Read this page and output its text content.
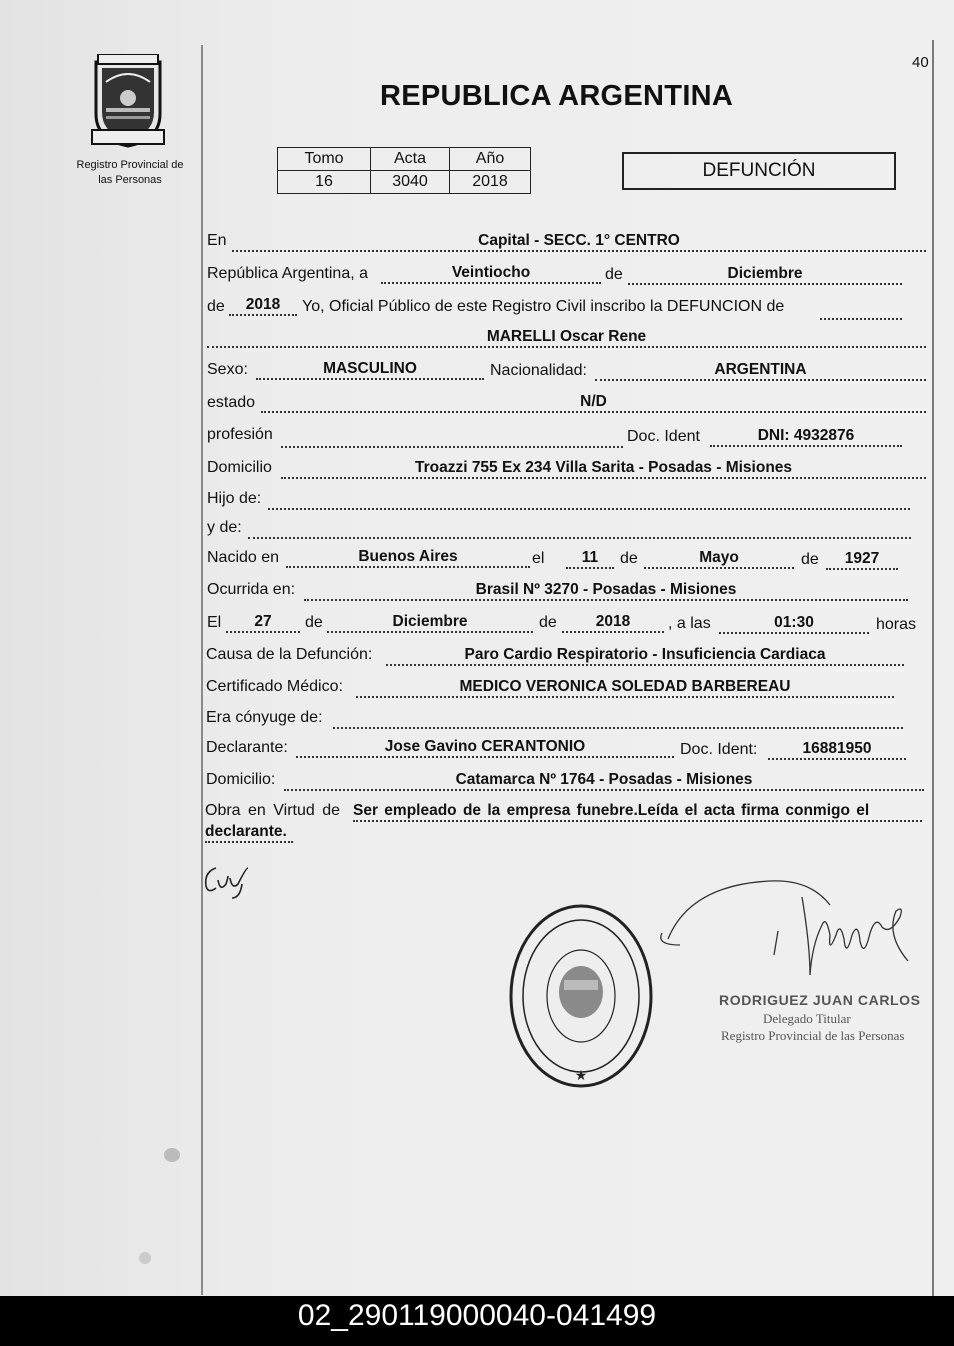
40
Registro Provincial de
las Personas
REPUBLICA ARGENTINA
Tomo	Acta	Año
16	3040	2018
DEFUNCIÓN
En	Capital - SECC. 1° CENTRO
República Argentina, a	Veintiocho	de	Diciembre
de	2018	Yo, Oficial Público de este Registro Civil inscribo la DEFUNCION de
MARELLI Oscar Rene
Sexo:	MASCULINO	Nacionalidad:	ARGENTINA
estado	N/D
profesión	Doc. Ident	DNI: 4932876
Domicilio	Troazzi 755 Ex 234 Villa Sarita - Posadas - Misiones
Hijo de:
y de:
Nacido en	Buenos Aires	el	11	de	Mayo	de	1927
Ocurrida en:	Brasil Nº 3270 - Posadas - Misiones
El	27	de	Diciembre	de	2018	, a las	01:30	horas
Causa de la Defunción:	Paro Cardio Respiratorio - Insuficiencia Cardiaca
Certificado Médico:	MEDICO VERONICA SOLEDAD BARBEREAU
Era cónyuge de:
Declarante:	Jose Gavino CERANTONIO	Doc. Ident:	16881950
Domicilio:	Catamarca Nº 1764 - Posadas - Misiones
Obra en Virtud de Ser empleado de la empresa funebre.Leída el acta firma conmigo el
declarante.
★
RODRIGUEZ JUAN CARLOS
Delegado Titular
Registro Provincial de las Personas
02_290119000040-041499
